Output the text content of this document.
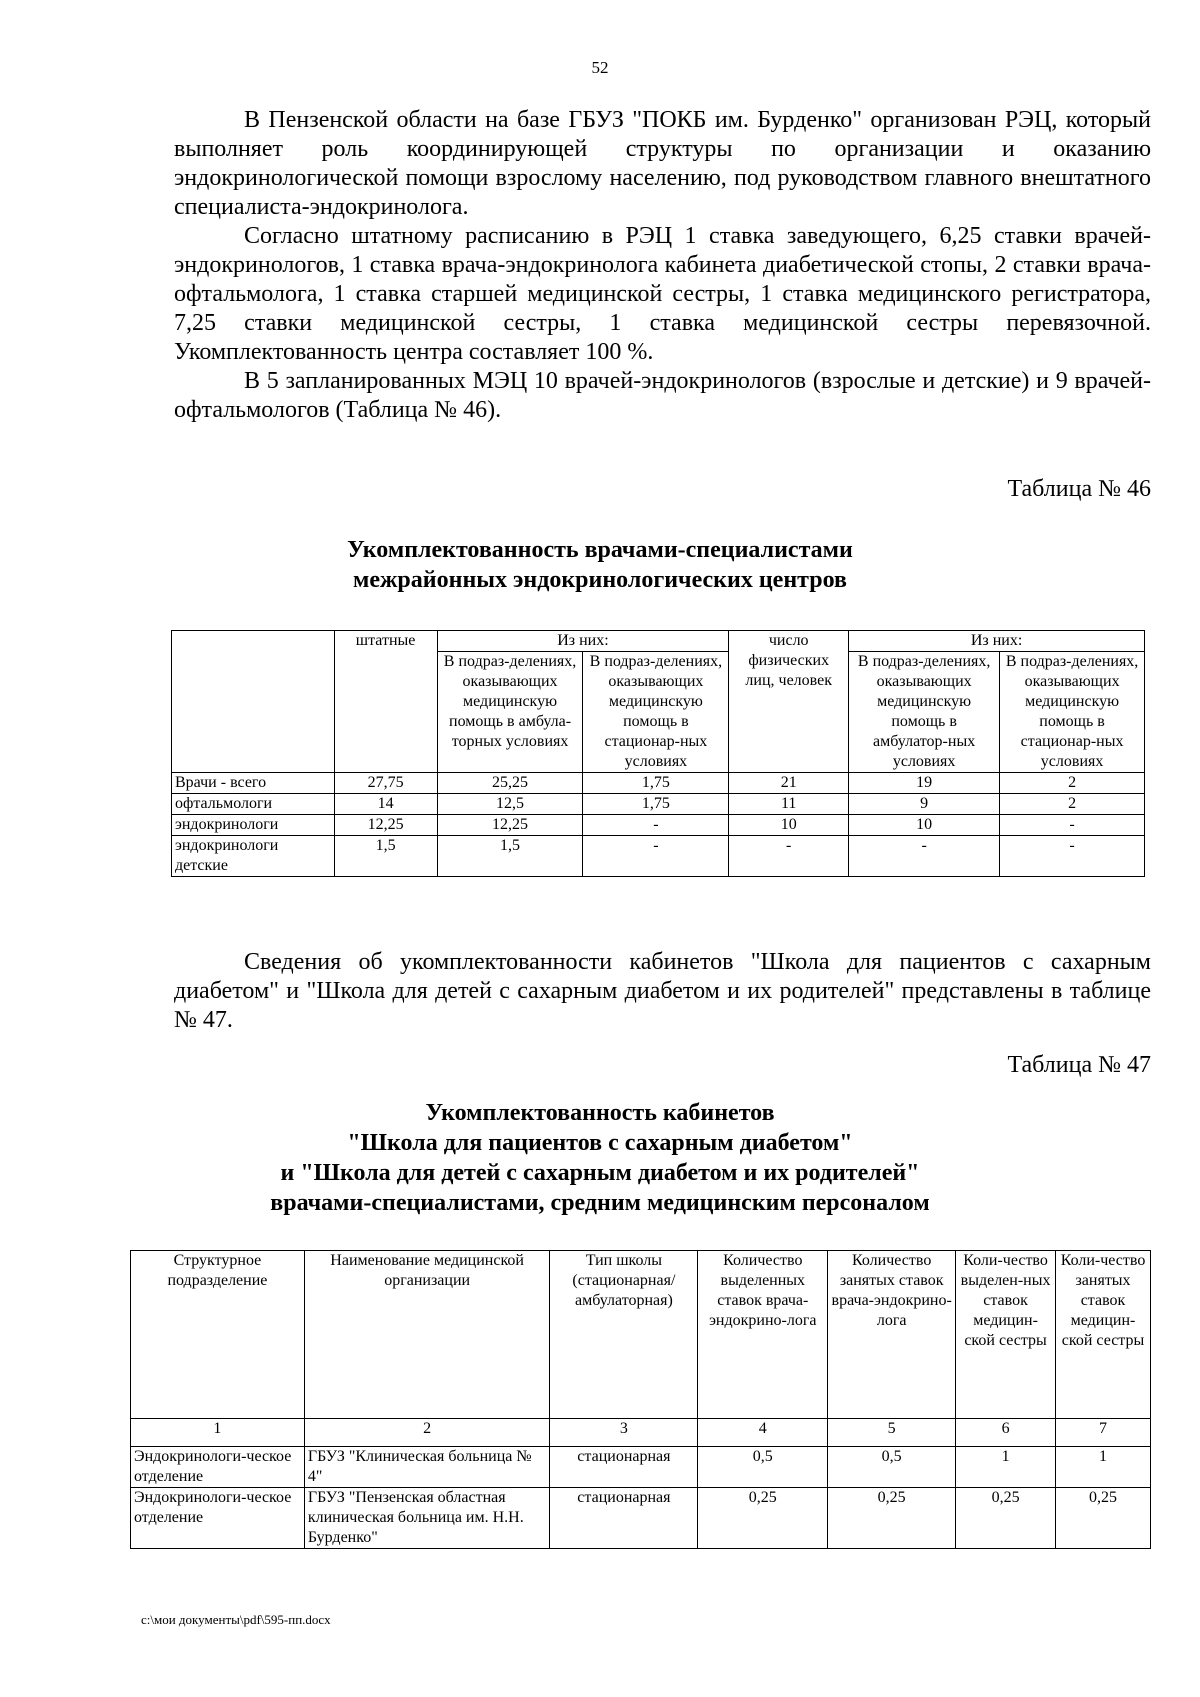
52

В Пензенской области на базе ГБУЗ "ПОКБ им. Бурденко" организован РЭЦ, который выполняет роль координирующей структуры по организации и оказанию эндокринологической помощи взрослому населению, под руководством главного внештатного специалиста-эндокринолога.

Согласно штатному расписанию в РЭЦ 1 ставка заведующего, 6,25 ставки врачей-эндокринологов, 1 ставка врача-эндокринолога кабинета диабетической стопы, 2 ставки врача-офтальмолога, 1 ставка старшей медицинской сестры, 1 ставка медицинского регистратора, 7,25 ставки медицинской сестры, 1 ставка медицинской сестры перевязочной. Укомплектованность центра составляет 100 %.

В 5 запланированных МЭЦ 10 врачей-эндокринологов (взрослые и детские) и 9 врачей-офтальмологов (Таблица № 46).

Таблица № 46
Укомплектованность врачами-специалистами
межрайонных эндокринологических центров
	штатные	Из них:		число физических лиц, человек	Из них:	
		В подраз-делениях, оказывающих медицинскую помощь в амбула-торных условиях	В подраз-делениях, оказывающих медицинскую помощь в стационар-ных условиях		В подраз-делениях, оказывающих медицинскую помощь в амбулатор-ных условиях	В подраз-делениях, оказывающих медицинскую помощь в стационар-ных условиях
Врачи - всего	27,75	25,25	1,75	21	19	2
офтальмологи	14	12,5	1,75	11	9	2
эндокринологи	12,25	12,25	-	10	10	-
эндокринологи детские	1,5	1,5	-	-	-	-

Сведения об укомплектованности кабинетов "Школа для пациентов с сахарным диабетом" и "Школа для детей с сахарным диабетом и их родителей" представлены в таблице № 47.

Таблица № 47
Укомплектованность кабинетов
"Школа для пациентов с сахарным диабетом"
и "Школа для детей с сахарным диабетом и их родителей"
врачами-специалистами, средним медицинским персоналом
Структурное подразделение	Наименование медицинской организации	Тип школы (стационарная/ амбулаторная)	Количество выделенных ставок врача-эндокрино-лога	Количество занятых ставок врача-эндокрино-лога	Коли-чество выделен-ных ставок медицин-ской сестры	Коли-чество занятых ставок медицин-ской сестры
1	2	3	4	5	6	7
Эндокринологи-ческое отделение	ГБУЗ "Клиническая больница № 4"	стационарная	0,5	0,5	1	1
Эндокринологи-ческое отделение	ГБУЗ "Пензенская областная клиническая больница им. Н.Н. Бурденко"	стационарная	0,25	0,25	0,25	0,25
c:\мои документы\pdf\595-пп.docx
